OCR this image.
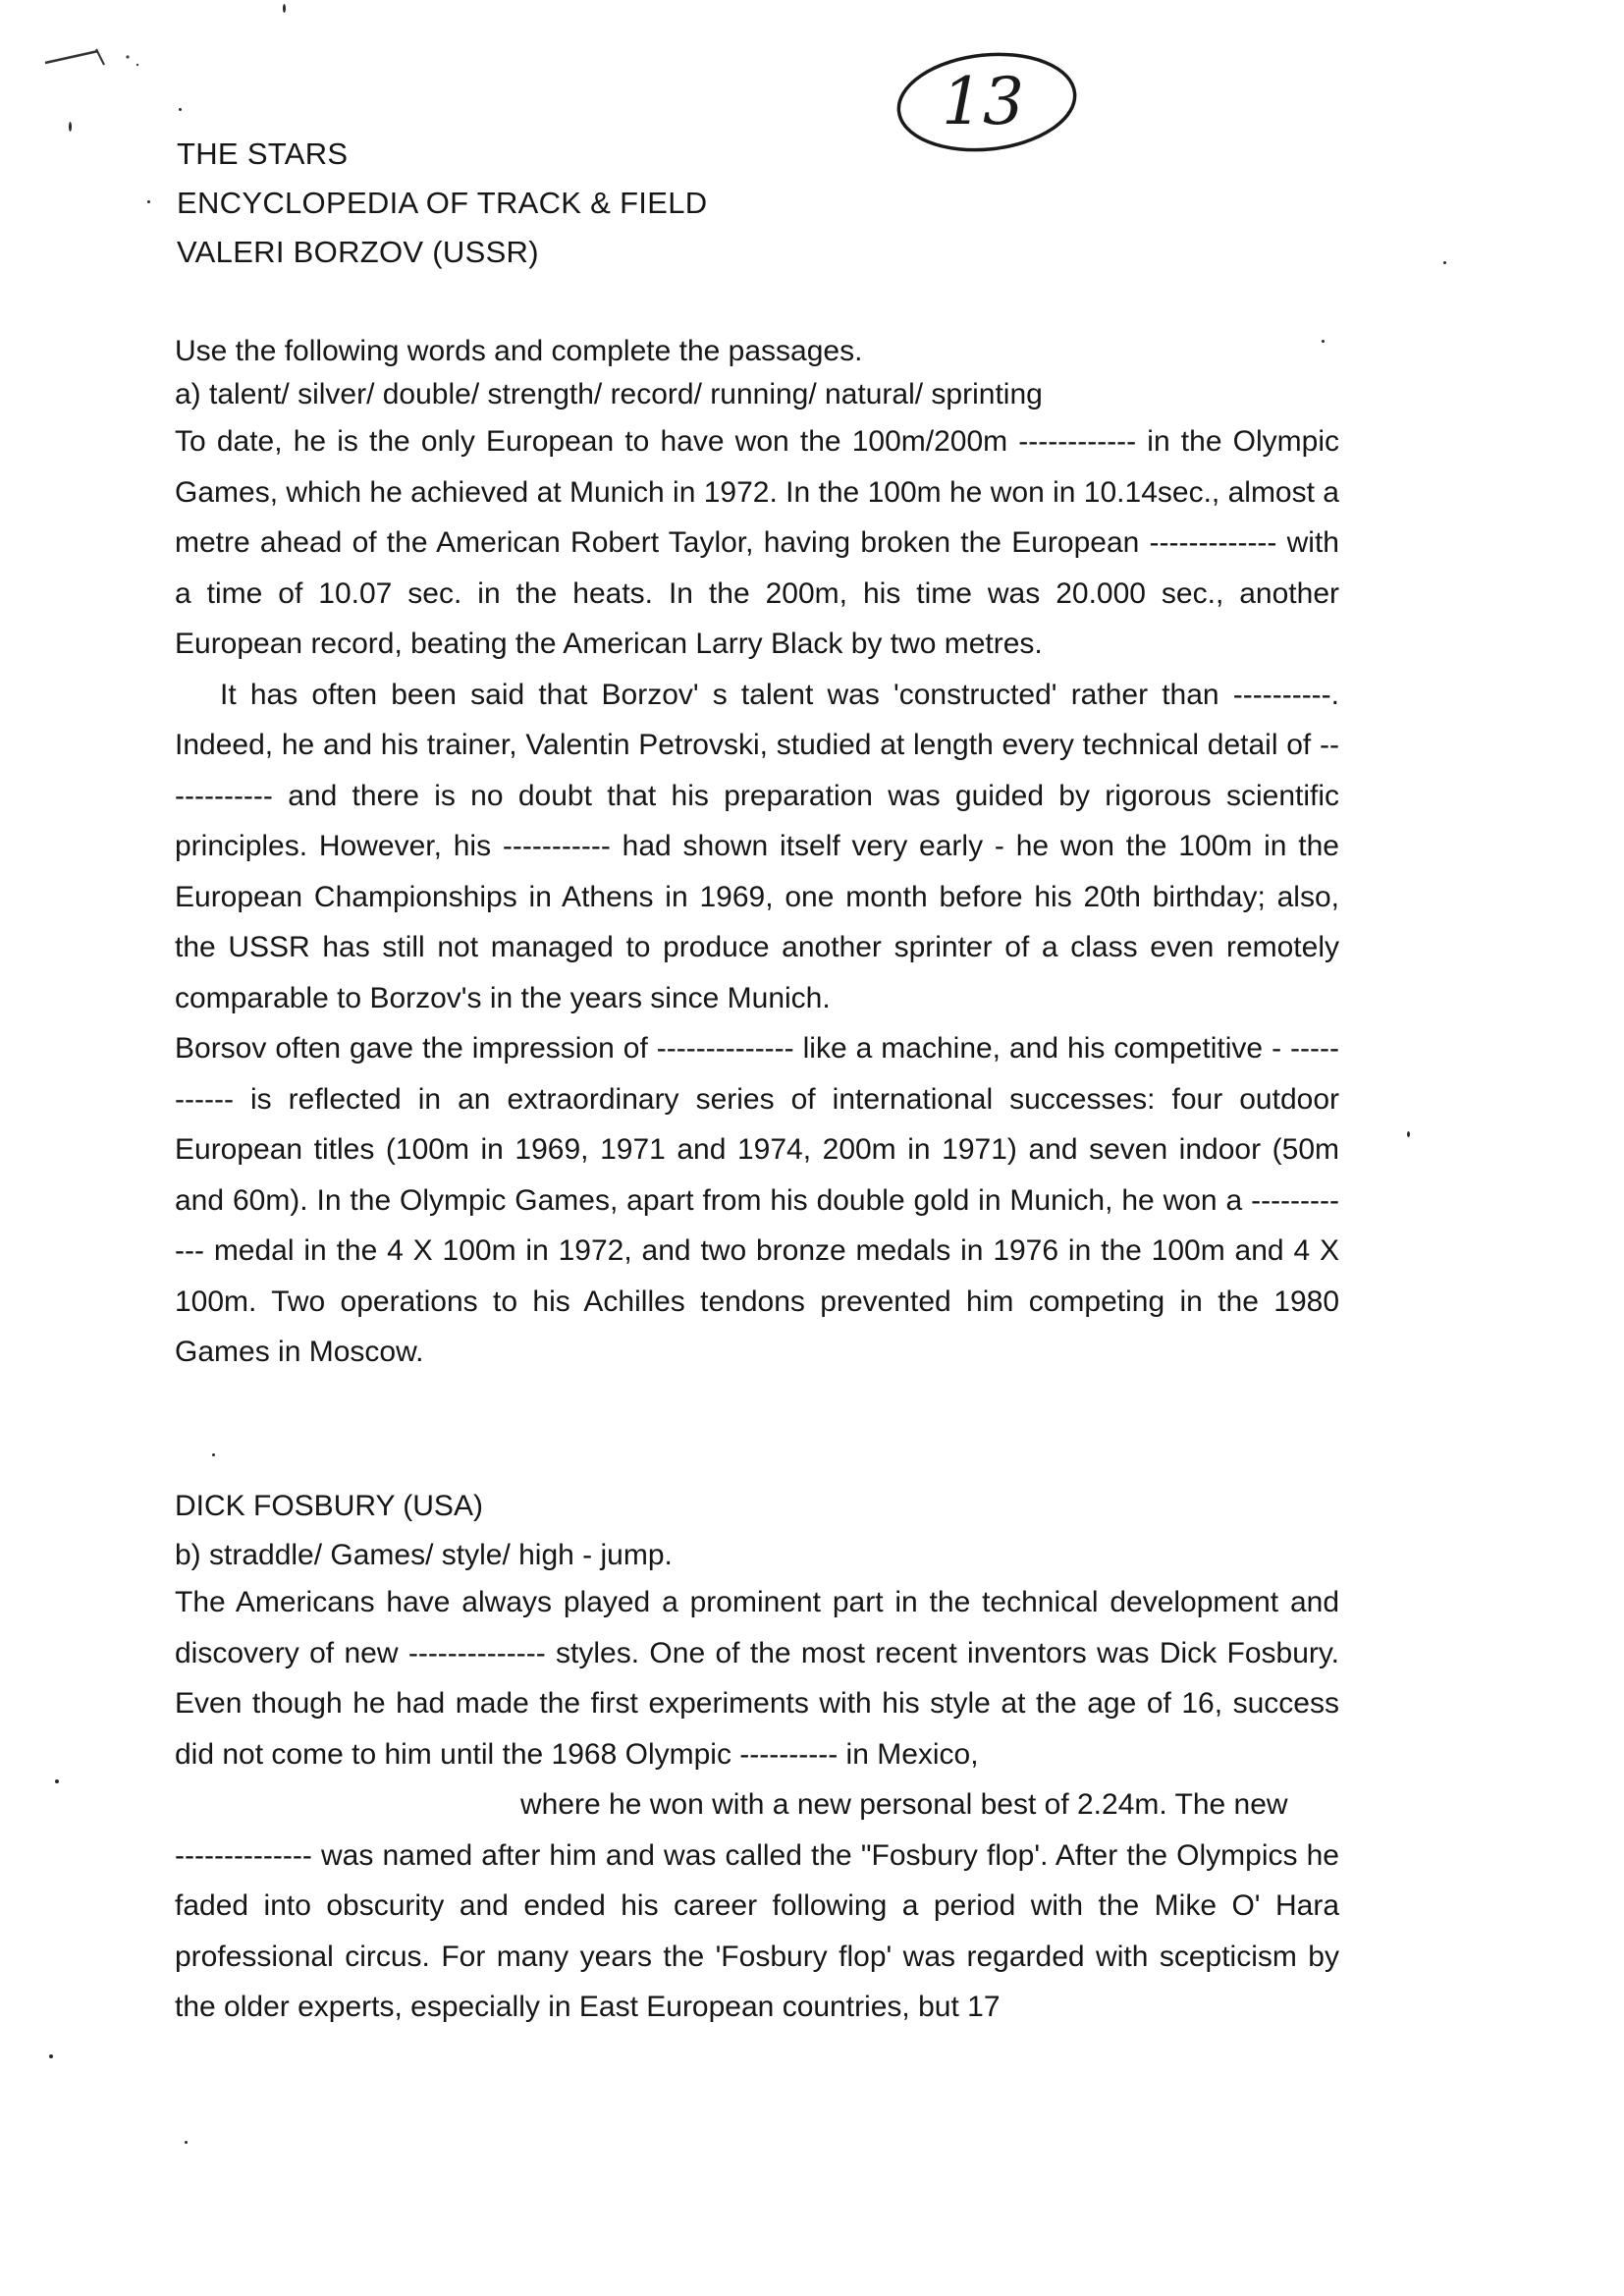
13
THE STARS
ENCYCLOPEDIA OF TRACK & FIELD
VALERI BORZOV (USSR)
Use the following words and complete the passages.
a) talent/ silver/ double/ strength/ record/ running/ natural/ sprinting

To date, he is the only European to have won the 100m/200m ------------ in the Olympic Games, which he achieved at Munich in 1972. In the 100m he won in 10.14sec., almost a metre ahead of the American Robert Taylor, having broken the European ------------- with a time of 10.07 sec. in the heats. In the 200m, his time was 20.000 sec., another European record, beating the American Larry Black by two metres.

It has often been said that Borzov' s talent was 'constructed' rather than ----------. Indeed, he and his trainer, Valentin Petrovski, studied at length every technical detail of ------------ and there is no doubt that his preparation was guided by rigorous scientific principles. However, his ----------- had shown itself very early - he won the 100m in the European Championships in Athens in 1969, one month before his 20th birthday; also, the USSR has still not managed to produce another sprinter of a class even remotely comparable to Borzov's in the years since Munich.

Borsov often gave the impression of -------------- like a machine, and his competitive - ----------- is reflected in an extraordinary series of international successes: four outdoor European titles (100m in 1969, 1971 and 1974, 200m in 1971) and seven indoor (50m and 60m). In the Olympic Games, apart from his double gold in Munich, he won a ------------ medal in the 4 X 100m in 1972, and two bronze medals in 1976 in the 100m and 4 X 100m. Two operations to his Achilles tendons prevented him competing in the 1980 Games in Moscow.

DICK FOSBURY (USA)
b) straddle/ Games/ style/ high - jump.

The Americans have always played a prominent part in the technical development and discovery of new -------------- styles. One of the most recent inventors was Dick Fosbury. Even though he had made the first experiments with his style at the age of 16, success did not come to him until the 1968 Olympic ---------- in Mexico,

where he won with a new personal best of 2.24m. The new

-------------- was named after him and was called the "Fosbury flop'. After the Olympics he faded into obscurity and ended his career following a period with the Mike O' Hara professional circus. For many years the 'Fosbury flop' was regarded with scepticism by the older experts, especially in East European countries, but 17
